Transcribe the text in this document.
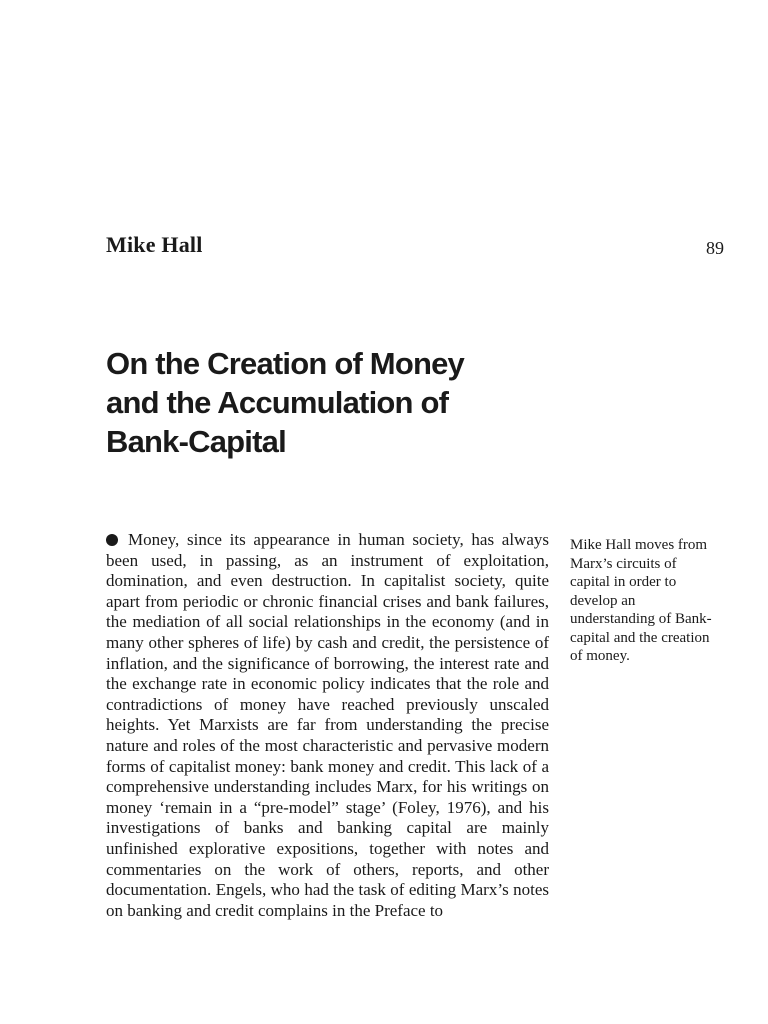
Mike Hall	89
On the Creation of Money
and the Accumulation of
Bank-Capital

Money, since its appearance in human society, has always been used, in passing, as an instrument of exploitation, domination, and even destruction. In capitalist society, quite apart from periodic or chronic financial crises and bank failures, the mediation of all social relationships in the economy (and in many other spheres of life) by cash and credit, the persistence of inflation, and the significance of borrowing, the interest rate and the exchange rate in economic policy indicates that the role and contradictions of money have reached previously unscaled heights. Yet Marxists are far from understanding the precise nature and roles of the most characteristic and pervasive modern forms of capitalist money: bank money and credit. This lack of a comprehensive understanding includes Marx, for his writings on money ‘remain in a “pre-model” stage’ (Foley, 1976), and his investigations of banks and banking capital are mainly unfinished explorative expositions, together with notes and commentaries on the work of others, reports, and other documentation. Engels, who had the task of editing Marx’s notes on banking and credit complains in the Preface to

Mike Hall moves from Marx’s circuits of capital in order to develop an understanding of Bank-capital and the creation of money.
